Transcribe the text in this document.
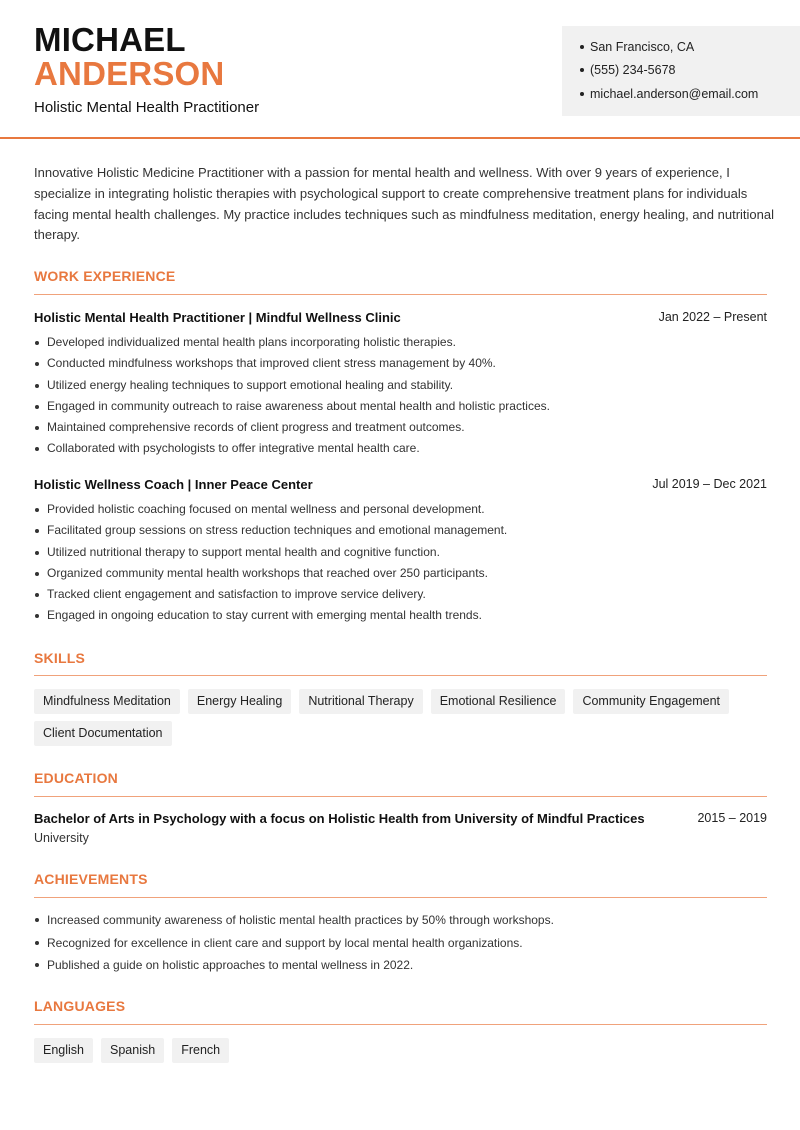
MICHAEL
ANDERSON
Holistic Mental Health Practitioner
San Francisco, CA
(555) 234-5678
michael.anderson@email.com
Innovative Holistic Medicine Practitioner with a passion for mental health and wellness. With over 9 years of experience, I specialize in integrating holistic therapies with psychological support to create comprehensive treatment plans for individuals facing mental health challenges. My practice includes techniques such as mindfulness meditation, energy healing, and nutritional therapy.
WORK EXPERIENCE
Holistic Mental Health Practitioner | Mindful Wellness Clinic	Jan 2022 – Present
Developed individualized mental health plans incorporating holistic therapies.
Conducted mindfulness workshops that improved client stress management by 40%.
Utilized energy healing techniques to support emotional healing and stability.
Engaged in community outreach to raise awareness about mental health and holistic practices.
Maintained comprehensive records of client progress and treatment outcomes.
Collaborated with psychologists to offer integrative mental health care.
Holistic Wellness Coach | Inner Peace Center	Jul 2019 – Dec 2021
Provided holistic coaching focused on mental wellness and personal development.
Facilitated group sessions on stress reduction techniques and emotional management.
Utilized nutritional therapy to support mental health and cognitive function.
Organized community mental health workshops that reached over 250 participants.
Tracked client engagement and satisfaction to improve service delivery.
Engaged in ongoing education to stay current with emerging mental health trends.
SKILLS
Mindfulness Meditation	Energy Healing	Nutritional Therapy	Emotional Resilience	Community Engagement
Client Documentation
EDUCATION
Bachelor of Arts in Psychology with a focus on Holistic Health from University of Mindful Practices	2015 – 2019
University
ACHIEVEMENTS
Increased community awareness of holistic mental health practices by 50% through workshops.
Recognized for excellence in client care and support by local mental health organizations.
Published a guide on holistic approaches to mental wellness in 2022.
LANGUAGES
English	Spanish	French
